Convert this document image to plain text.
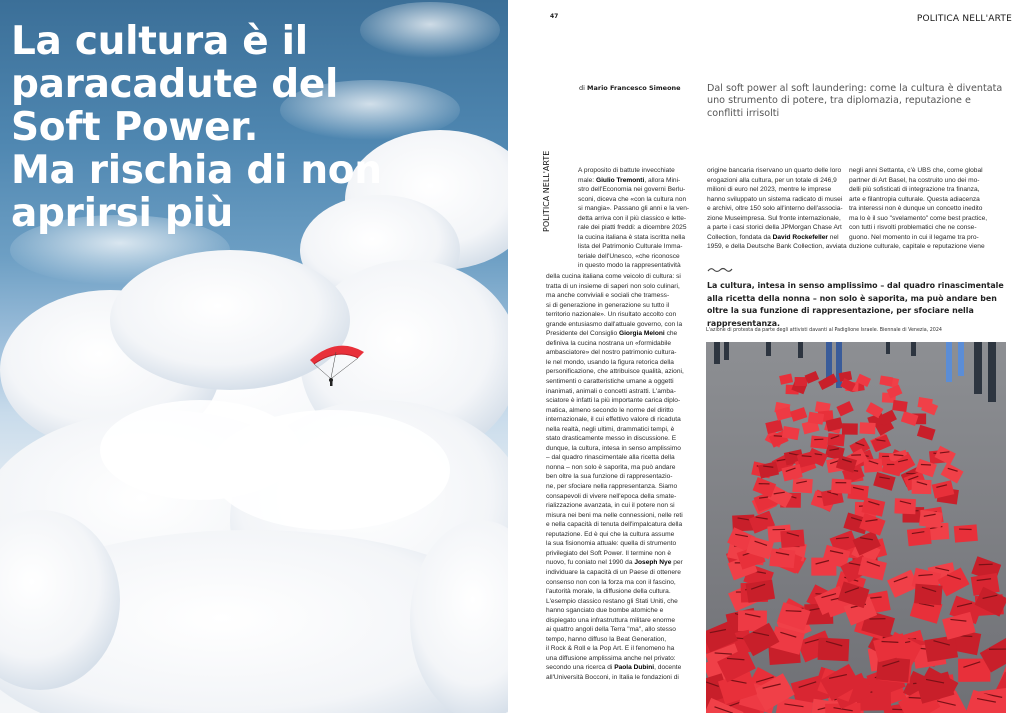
La cultura è il
paracadute del
Soft Power.
Ma rischia di non
aprirsi più
47	POLITICA NELL'ARTE
POLITICA NELL'ARTE
di Mario Francesco Simeone	Dal soft power al soft laundering: come la cultura è diventata uno strumento di potere, tra diplomazia, reputazione e conflitti irrisolti

A proposito di battute invecchiate

male: Giulio Tremonti, allora Mini-

stro dell'Economia nei governi Berlu-

sconi, diceva che «con la cultura non

si mangia». Passano gli anni e la ven-

detta arriva con il più classico e lette-

rale dei piatti freddi: a dicembre 2025

la cucina italiana è stata iscritta nella

lista del Patrimonio Culturale Imma-

teriale dell'Unesco, «che riconosce

in questo modo la rappresentatività

della cucina italiana come veicolo di cultura: si

tratta di un insieme di saperi non solo culinari,

ma anche conviviali e sociali che tramess-

si di generazione in generazione su tutto il

territorio nazionale». Un risultato accolto con

grande entusiasmo dall'attuale governo, con la

Presidente del Consiglio Giorgia Meloni che

definiva la cucina nostrana un «formidabile

ambasciatore» del nostro patrimonio cultura-

le nel mondo, usando la figura retorica della

personificazione, che attribuisce qualità, azioni,

sentimenti o caratteristiche umane a oggetti

inanimati, animali o concetti astratti. L'amba-

sciatore è infatti la più importante carica diplo-

matica, almeno secondo le norme del diritto

internazionale, il cui effettivo valore di ricaduta

nella realtà, negli ultimi, drammatici tempi, è

stato drasticamente messo in discussione. E

dunque, la cultura, intesa in senso amplissimo

– dal quadro rinascimentale alla ricetta della

nonna – non solo è saporita, ma può andare

ben oltre la sua funzione di rappresentazio-

ne, per sfociare nella rappresentanza. Siamo

consapevoli di vivere nell'epoca della smate-

rializzazione avanzata, in cui il potere non si

misura nei beni ma nelle connessioni, nelle reti

e nella capacità di tenuta dell'impalcatura della

reputazione. Ed è qui che la cultura assume

la sua fisionomia attuale: quella di strumento

privilegiato del Soft Power. Il termine non è

nuovo, fu coniato nel 1990 da Joseph Nye per

individuare la capacità di un Paese di ottenere

consenso non con la forza ma con il fascino,

l'autorità morale, la diffusione della cultura.

L'esempio classico restano gli Stati Uniti, che

hanno sganciato due bombe atomiche e

dispiegato una infrastruttura militare enorme

ai quattro angoli della Terra "ma", allo stesso

tempo, hanno diffuso la Beat Generation,

il Rock & Roll e la Pop Art. E il fenomeno ha

una diffusione amplissima anche nel privato:

secondo una ricerca di Paola Dubini, docente

all'Università Bocconi, in Italia le fondazioni di

origine bancaria riservano un quarto delle loro

erogazioni alla cultura, per un totale di 246,9

milioni di euro nel 2023, mentre le imprese

hanno sviluppato un sistema radicato di musei

e archivi, oltre 150 solo all'interno dell'associa-

zione Museimpresa. Sul fronte internazionale,

a parte i casi storici della JPMorgan Chase Art

Collection, fondata da David Rockefeller nel

1959, e della Deutsche Bank Collection, avviata

negli anni Settanta, c'è UBS che, come global

partner di Art Basel, ha costruito uno dei mo-

delli più sofisticati di integrazione tra finanza,

arte e filantropia culturale. Questa adiacenza

tra interessi non è dunque un concetto inedito

ma lo è il suo "svelamento" come best practice,

con tutti i risvolti problematici che ne conse-

guono. Nel momento in cui il legame tra pro-

duzione culturale, capitale e reputazione viene

La cultura, intesa in senso amplissimo – dal quadro rinascimentale alla ricetta della nonna – non solo è saporita, ma può andare ben oltre la sua funzione di rappresentazione, per sfociare nella rappresentanza.
L'azione di protesta da parte degli attivisti davanti al Padiglione Israele. Biennale di Venezia, 2024
